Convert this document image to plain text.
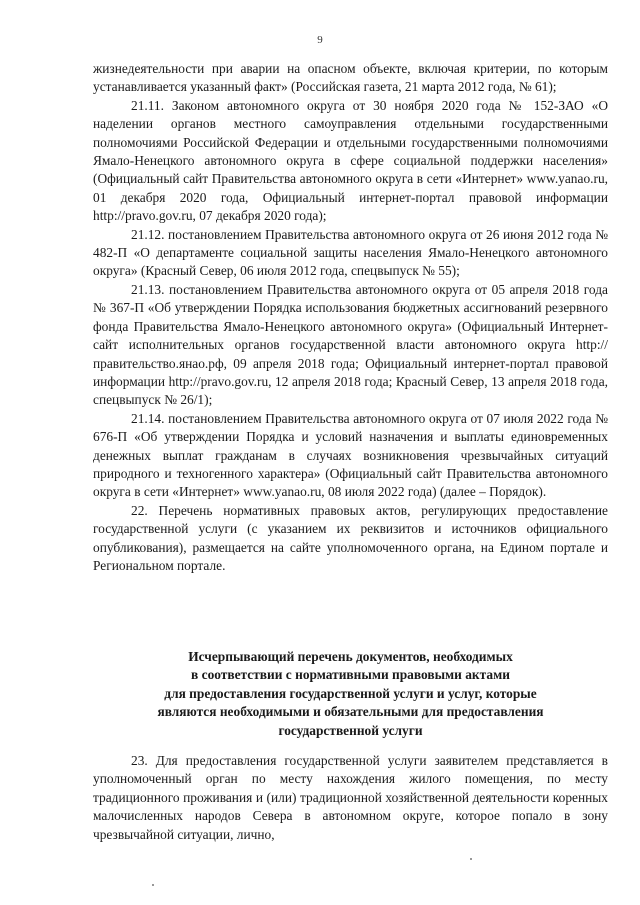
9

жизнедеятельности при аварии на опасном объекте, включая критерии, по которым устанавливается указанный факт» (Российская газета, 21 марта 2012 года, № 61);

21.11. Законом автономного округа от 30 ноября 2020 года № 152-ЗАО «О наделении органов местного самоуправления отдельными государственными полномочиями Российской Федерации и отдельными государственными полномочиями Ямало-Ненецкого автономного округа в сфере социальной поддержки населения» (Официальный сайт Правительства автономного округа в сети «Интернет» www.yanao.ru, 01 декабря 2020 года, Официальный интернет-портал правовой информации http://pravo.gov.ru, 07 декабря 2020 года);

21.12. постановлением Правительства автономного округа от 26 июня 2012 года № 482-П «О департаменте социальной защиты населения Ямало-Ненецкого автономного округа» (Красный Север, 06 июля 2012 года, спецвыпуск № 55);

21.13. постановлением Правительства автономного округа от 05 апреля 2018 года № 367-П «Об утверждении Порядка использования бюджетных ассигнований резервного фонда Правительства Ямало-Ненецкого автономного округа» (Официальный Интернет-сайт исполнительных органов государственной власти автономного округа http://правительство.янао.рф, 09 апреля 2018 года; Официальный интернет-портал правовой информации http://pravo.gov.ru, 12 апреля 2018 года; Красный Север, 13 апреля 2018 года, спецвыпуск № 26/1);

21.14. постановлением Правительства автономного округа от 07 июля 2022 года № 676-П «Об утверждении Порядка и условий назначения и выплаты единовременных денежных выплат гражданам в случаях возникновения чрезвычайных ситуаций природного и техногенного характера» (Официальный сайт Правительства автономного округа в сети «Интернет» www.yanao.ru, 08 июля 2022 года) (далее – Порядок).

22. Перечень нормативных правовых актов, регулирующих предоставление государственной услуги (с указанием их реквизитов и источников официального опубликования), размещается на сайте уполномоченного органа, на Едином портале и Региональном портале.

Исчерпывающий перечень документов, необходимых
в соответствии с нормативными правовыми актами
для предоставления государственной услуги и услуг, которые
являются необходимыми и обязательными для предоставления
государственной услуги

23. Для предоставления государственной услуги заявителем представляется в уполномоченный орган по месту нахождения жилого помещения, по месту традиционного проживания и (или) традиционной хозяйственной деятельности коренных малочисленных народов Севера в автономном округе, которое попало в зону чрезвычайной ситуации, лично,
